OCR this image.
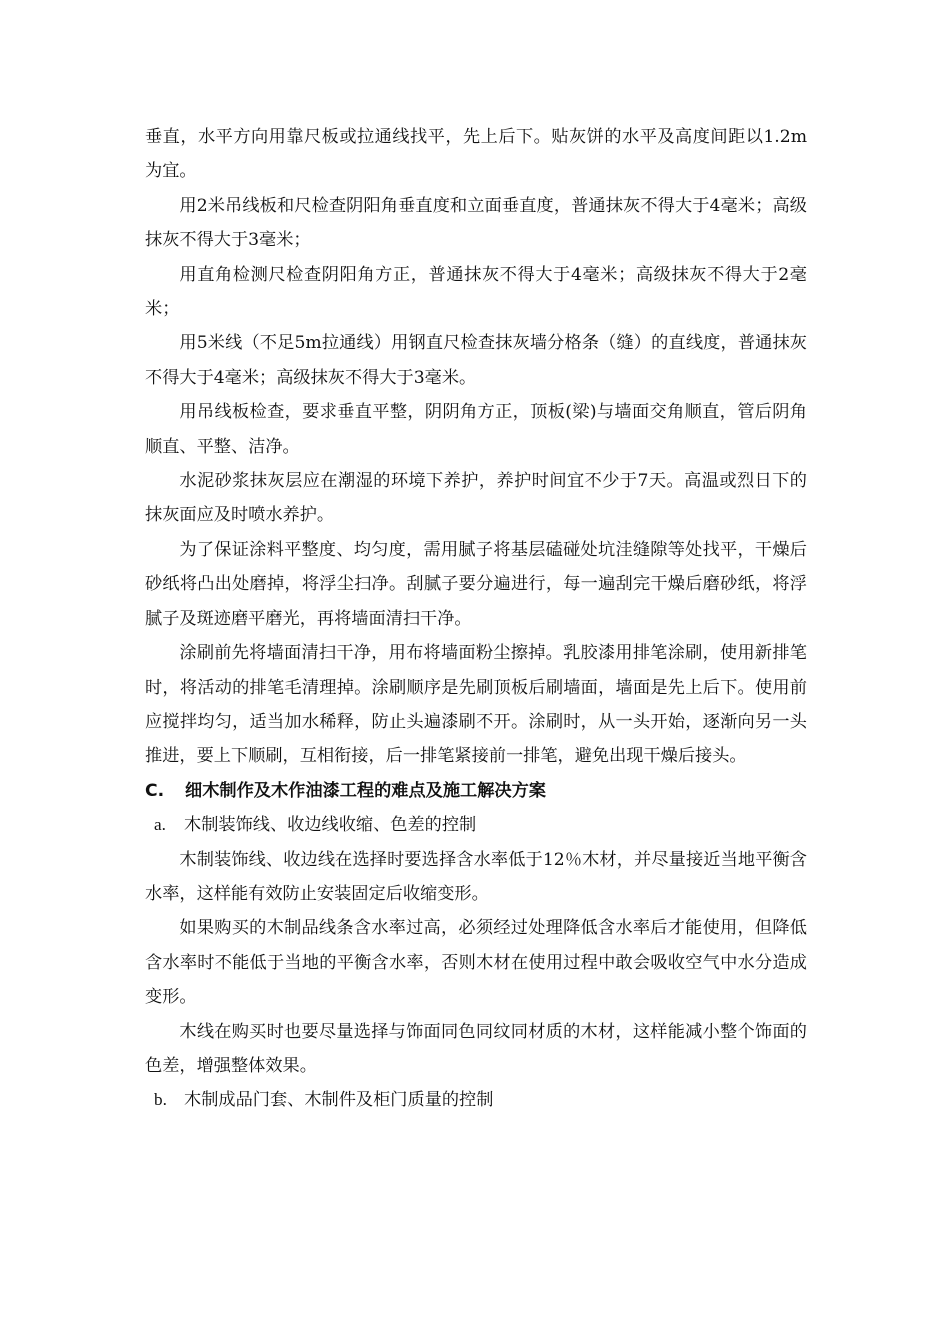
垂直，水平方向用靠尺板或拉通线找平，先上后下。贴灰饼的水平及高度间距以1.2m为宜。

用2米吊线板和尺检查阴阳角垂直度和立面垂直度，普通抹灰不得大于4毫米；高级抹灰不得大于3毫米；

用直角检测尺检查阴阳角方正，普通抹灰不得大于4毫米；高级抹灰不得大于2毫米；

用5米线（不足5m拉通线）用钢直尺检查抹灰墙分格条（缝）的直线度，普通抹灰不得大于4毫米；高级抹灰不得大于3毫米。

用吊线板检查，要求垂直平整，阴阴角方正，顶板(梁)与墙面交角顺直，管后阴角顺直、平整、洁净。

水泥砂浆抹灰层应在潮湿的环境下养护，养护时间宜不少于7天。高温或烈日下的抹灰面应及时喷水养护。

为了保证涂料平整度、均匀度，需用腻子将基层磕碰处坑洼缝隙等处找平，干燥后砂纸将凸出处磨掉，将浮尘扫净。刮腻子要分遍进行，每一遍刮完干燥后磨砂纸，将浮腻子及斑迹磨平磨光，再将墙面清扫干净。

涂刷前先将墙面清扫干净，用布将墙面粉尘擦掉。乳胶漆用排笔涂刷，使用新排笔时，将活动的排笔毛清理掉。涂刷顺序是先刷顶板后刷墙面，墙面是先上后下。使用前应搅拌均匀，适当加水稀释，防止头遍漆刷不开。涂刷时，从一头开始，逐渐向另一头推进，要上下顺刷，互相衔接，后一排笔紧接前一排笔，避免出现干燥后接头。

C.	细木制作及木作油漆工程的难点及施工解决方案
a.	木制装饰线、收边线收缩、色差的控制

木制装饰线、收边线在选择时要选择含水率低于12％木材，并尽量接近当地平衡含水率，这样能有效防止安装固定后收缩变形。

如果购买的木制品线条含水率过高，必须经过处理降低含水率后才能使用，但降低含水率时不能低于当地的平衡含水率，否则木材在使用过程中敢会吸收空气中水分造成变形。

木线在购买时也要尽量选择与饰面同色同纹同材质的木材，这样能减小整个饰面的色差，增强整体效果。

b. 木制成品门套、木制件及柜门质量的控制
